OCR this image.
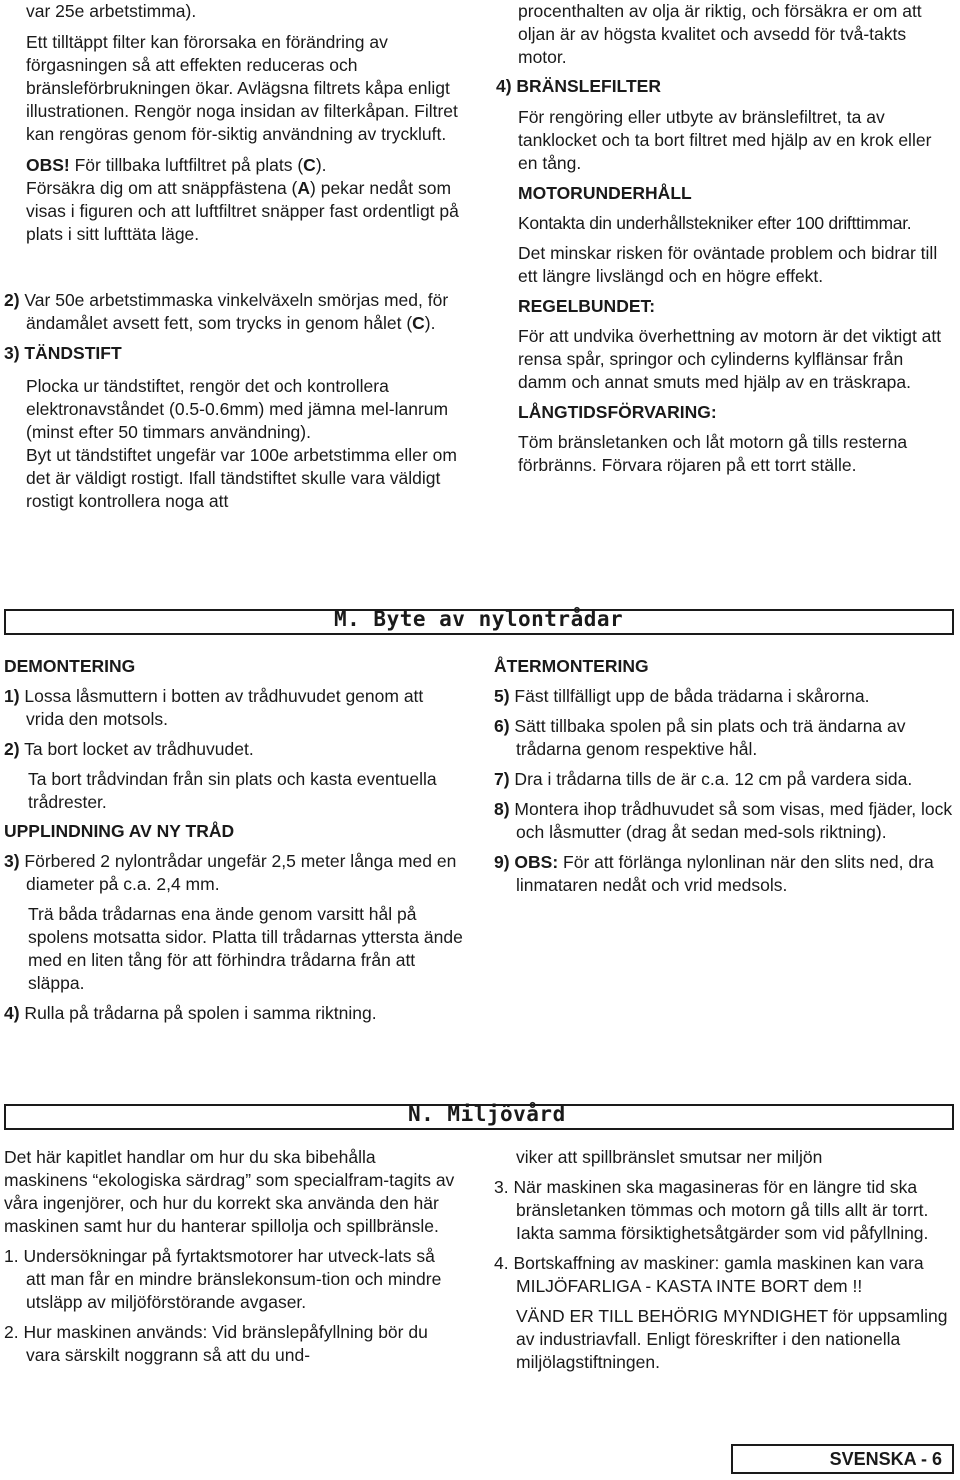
var 25e arbetstimma).

Ett tilltäppt filter kan förorsaka en förändring av förgasningen så att effekten reduceras och bränsleförbrukningen ökar. Avlägsna filtrets kåpa enligt illustrationen. Rengör noga insidan av filterkåpan. Filtret kan rengöras genom för-siktig användning av tryckluft.

OBS! För tillbaka luftfiltret på plats (C).

Försäkra dig om att snäppfästena (A) pekar nedåt som visas i figuren och att luftfiltret snäpper fast ordentligt på plats i sitt lufttäta läge.

2) Var 50e arbetstimmaska vinkelväxeln smörjas med, för ändamålet avsett fett, som trycks in genom hålet (C).

3) TÄNDSTIFT

Plocka ur tändstiftet, rengör det och kontrollera elektronavståndet (0.5-0.6mm) med jämna mel-lanrum (minst efter 50 timmars användning).

Byt ut tändstiftet ungefär var 100e arbetstimma eller om det är väldigt rostigt. Ifall tändstiftet skulle vara väldigt rostigt kontrollera noga att

procenthalten av olja är riktig, och försäkra er om att oljan är av högsta kvalitet och avsedd för två-takts motor.

4) BRÄNSLEFILTER

För rengöring eller utbyte av bränslefiltret, ta av tanklocket och ta bort filtret med hjälp av en krok eller en tång.

MOTORUNDERHÅLL

Kontakta din underhållstekniker efter 100 drifttimmar.

Det minskar risken för oväntade problem och bidrar till ett längre livslängd och en högre effekt.

REGELBUNDET:

För att undvika överhettning av motorn är det viktigt att rensa spår, springor och cylinderns kylflänsar från damm och annat smuts med hjälp av en träskrapa.

LÅNGTIDSFÖRVARING:

Töm bränsletanken och låt motorn gå tills resterna förbränns. Förvara röjaren på ett torrt ställe.

M. Byte av nylontrådar

DEMONTERING

1) Lossa låsmuttern i botten av trådhuvudet genom att vrida den motsols.

2) Ta bort locket av trådhuvudet.

Ta bort trådvindan från sin plats och kasta eventuella trådrester.

UPPLINDNING AV NY TRÅD

3) Förbered 2 nylontrådar ungefär 2,5 meter långa med en diameter på c.a. 2,4 mm.

Trä båda trådarnas ena ände genom varsitt hål på spolens motsatta sidor. Platta till trådarnas yttersta ände med en liten tång för att förhindra trådarna från att släppa.

4) Rulla på trådarna på spolen i samma riktning.

ÅTERMONTERING

5) Fäst tillfälligt upp de båda trädarna i skårorna.

6) Sätt tillbaka spolen på sin plats och trä ändarna av trådarna genom respektive hål.

7) Dra i trådarna tills de är c.a. 12 cm på vardera sida.

8) Montera ihop trådhuvudet så som visas, med fjäder, lock och låsmutter (drag åt sedan med-sols riktning).

9) OBS: För att förlänga nylonlinan när den slits ned, dra linmataren nedåt och vrid medsols.

N. Miljövård

Det här kapitlet handlar om hur du ska bibehålla maskinens “ekologiska särdrag” som specialfram-tagits av våra ingenjörer, och hur du korrekt ska använda den här maskinen samt hur du hanterar spillolja och spillbränsle.

1. Undersökningar på fyrtaktsmotorer har utveck-lats så att man får en mindre bränslekonsum-tion och mindre utsläpp av miljöförstörande avgaser.

2. Hur maskinen används: Vid bränslepåfyllning bör du vara särskilt noggrann så att du und-

viker att spillbränslet smutsar ner miljön

3. När maskinen ska magasineras för en längre tid ska bränsletanken tömmas och motorn gå tills allt är torrt. Iakta samma försiktighetsåtgärder som vid påfyllning.

4. Bortskaffning av maskiner: gamla maskinen kan vara MILJÖFARLIGA - KASTA INTE BORT dem !!

VÄND ER TILL BEHÖRIG MYNDIGHET för uppsamling av industriavfall. Enligt föreskrifter i den nationella miljölagstiftningen.

SVENSKA - 6
